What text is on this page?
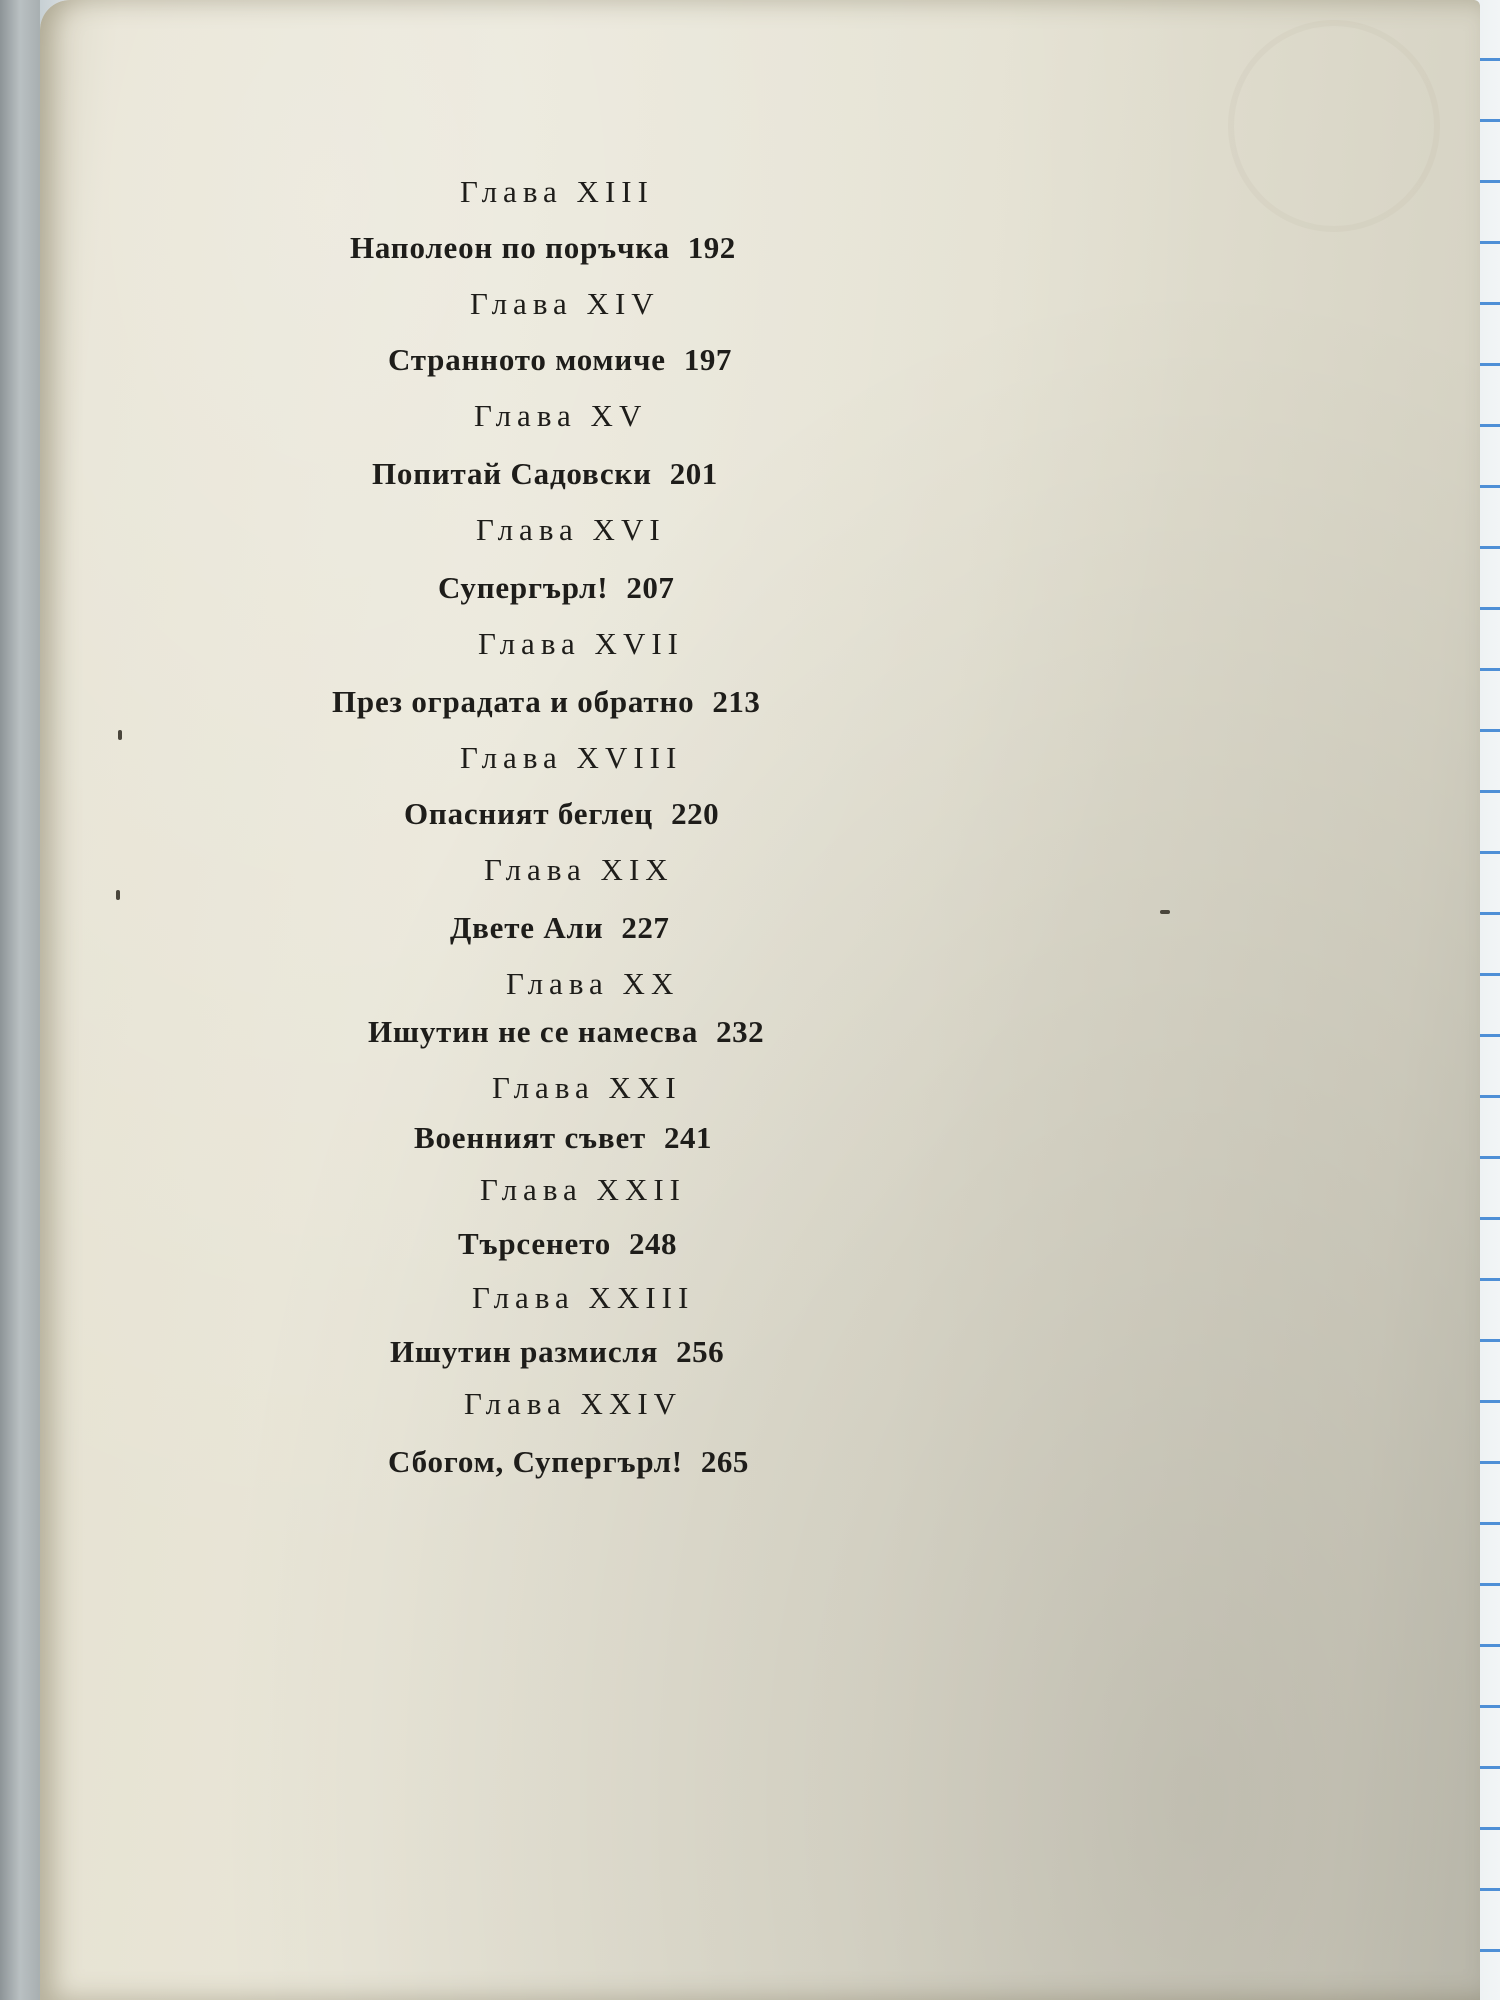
Глава XIII
Наполеон по поръчка 192
Глава XIV
Странното момиче 197
Глава XV
Попитай Садовски 201
Глава XVI
Супергърл! 207
Глава XVII
През оградата и обратно 213
Глава XVIII
Опасният беглец 220
Глава XIX
Двете Али 227
Глава XX
Ишутин не се намесва 232
Глава XXI
Военният съвет 241
Глава XXII
Търсенето 248
Глава XXIII
Ишутин размисля 256
Глава XXIV
Сбогом, Супергърл! 265
